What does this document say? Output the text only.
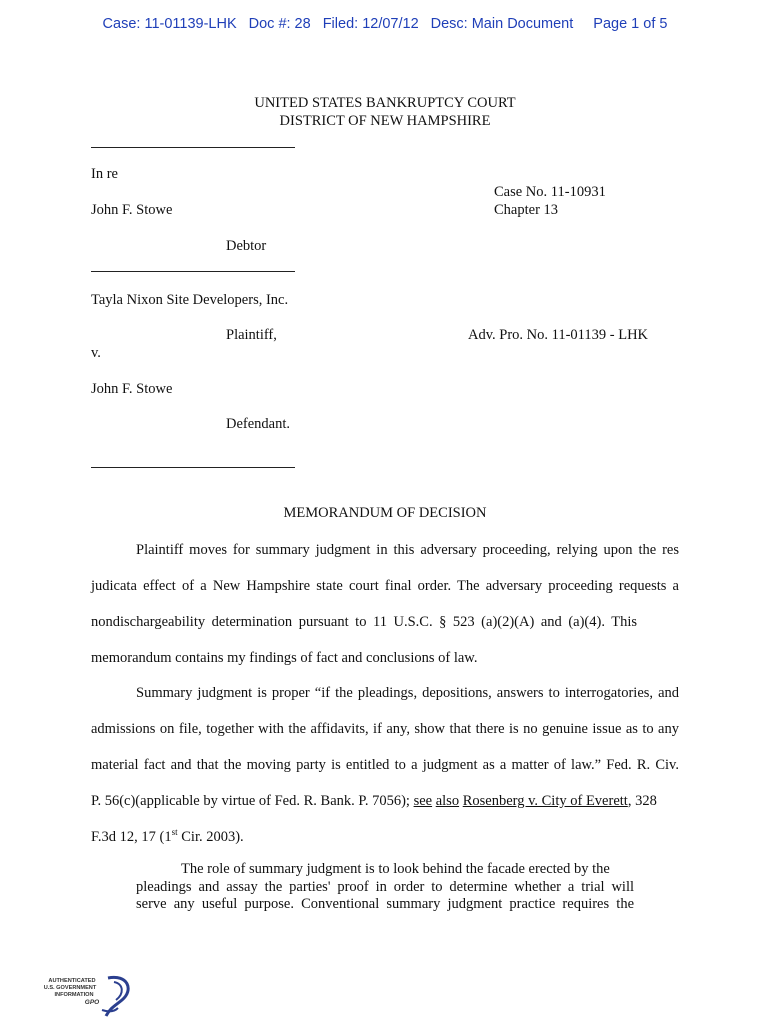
Case: 11-01139-LHK Doc #: 28 Filed: 12/07/12 Desc: Main Document Page 1 of 5
UNITED STATES BANKRUPTCY COURT
DISTRICT OF NEW HAMPSHIRE
In re
Case No. 11-10931
John F. Stowe	Chapter 13
Debtor
Tayla Nixon Site Developers, Inc.
Plaintiff,	Adv. Pro. No. 11-01139 - LHK
v.
John F. Stowe
Defendant.
MEMORANDUM OF DECISION
Plaintiff moves for summary judgment in this adversary proceeding, relying upon the res
judicata effect of a New Hampshire state court final order. The adversary proceeding requests a
nondischargeability determination pursuant to 11 U.S.C. § 523 (a)(2)(A) and (a)(4). This
memorandum contains my findings of fact and conclusions of law.
Summary judgment is proper “if the pleadings, depositions, answers to interrogatories, and
admissions on file, together with the affidavits, if any, show that there is no genuine issue as to any
material fact and that the moving party is entitled to a judgment as a matter of law.” Fed. R. Civ.
P. 56(c)(applicable by virtue of Fed. R. Bank. P. 7056); see also Rosenberg v. City of Everett, 328
F.3d 12, 17 (1st Cir. 2003).
The role of summary judgment is to look behind the facade erected by the
pleadings and assay the parties' proof in order to determine whether a trial will
serve any useful purpose. Conventional summary judgment practice requires the
AUTHENTICATED
U.S. GOVERNMENT
INFORMATION
GPO
